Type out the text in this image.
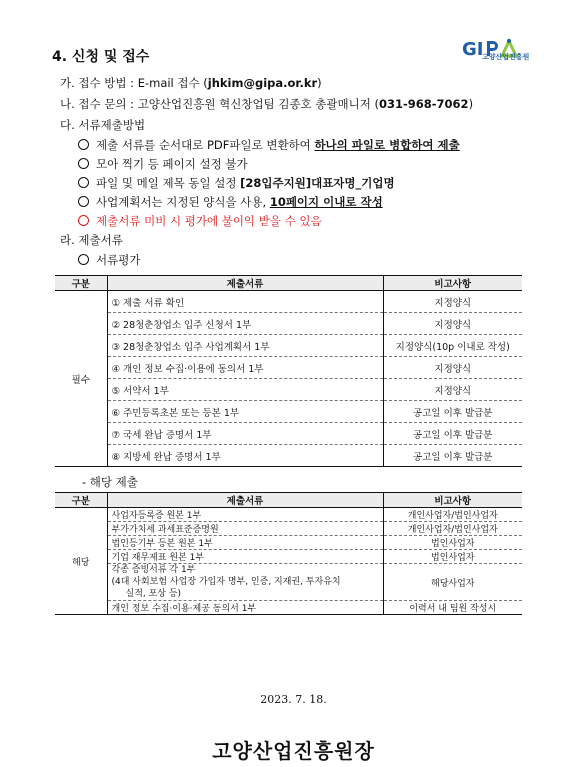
4. 신청 및 접수	GI
고양산업진흥원
가. 접수 방법 : E-mail 접수 (jhkim@gipa.or.kr)
나. 접수 문의 : 고양산업진흥원 혁신창업팀 김종호 총괄매니저 (031-968-7062)
다. 서류제출방법
제출 서류를 순서대로 PDF파일로 변환하여 하나의 파일로 병합하여 제출
모아 찍기 등 페이지 설정 불가
파일 및 메일 제목 동일 설정 [28입주지원]대표자명_기업명
사업계획서는 지정된 양식을 사용, 10페이지 이내로 작성
제출서류 미비 시 평가에 불이익 받을 수 있음
라. 제출서류
서류평가
구분	제출서류	비고사항
필수	① 제출 서류 확인	지정양식
	② 28청춘창업소 입주 신청서 1부	지정양식
	③ 28청춘창업소 입주 사업계획서 1부	지정양식(10p 이내로 작성)
	④ 개인 정보 수집·이용에 동의서 1부	지정양식
	⑤ 서약서 1부	지정양식
	⑥ 주민등록초본 또는 등본 1부	공고일 이후 발급분
	⑦ 국세 완납 증명서 1부	공고일 이후 발급분
	⑧ 지방세 완납 증명서 1부	공고일 이후 발급분
- 해당 제출
구분	제출서류	비고사항
해당	사업자등록증 원본 1부	개인사업자/법인사업자
	부가가치세 과세표준증명원	개인사업자/법인사업자
	법인등기부 등본 원본 1부	법인사업자
	기업 재무제표 원본 1부	법인사업자

	각종 증빙서류 각 1부
(4대 사회보험 사업장 가입자 명부, 인증, 지재권, 투자유치
실적, 포상 등)	해당사업자
	개인 정보 수집·이용·제공 동의서 1부	이력서 내 팀원 작성시
2023. 7. 18.
고양산업진흥원장
